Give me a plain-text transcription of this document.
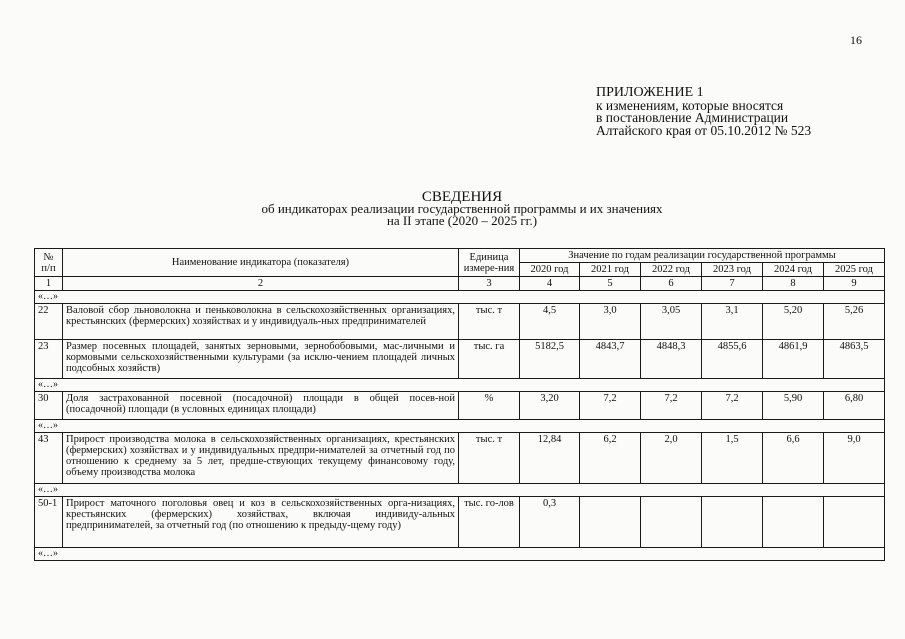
16
ПРИЛОЖЕНИЕ 1
к изменениям, которые вносятся
в постановление Администрации
Алтайского края от 05.10.2012 № 523
СВЕДЕНИЯ
об индикаторах реализации государственной программы и их значениях
на II этапе (2020 – 2025 гг.)
№ п/п	Наименование индикатора (показателя)	Единица измере-ния	Значение по годам реализации государственной программы					
			2020 год	2021 год	2022 год	2023 год	2024 год	2025 год
1	2	3	4	5	6	7	8	9
«…»								
22	Валовой сбор льноволокна и пеньковолокна в сельскохозяйственных организациях, крестьянских (фермерских) хозяйствах и у индивидуаль-ных предпринимателей	тыс. т	4,5	3,0	3,05	3,1	5,20	5,26
23	Размер посевных площадей, занятых зерновыми, зернобобовыми, мас-личными и кормовыми сельскохозяйственными культурами (за исклю-чением площадей личных подсобных хозяйств)	тыс. га	5182,5	4843,7	4848,3	4855,6	4861,9	4863,5
«…»								
30	Доля застрахованной посевной (посадочной) площади в общей посев-ной (посадочной) площади (в условных единицах площади)	%	3,20	7,2	7,2	7,2	5,90	6,80
«…»								
43	Прирост производства молока в сельскохозяйственных организациях, крестьянских (фермерских) хозяйствах и у индивидуальных предпри-нимателей за отчетный год по отношению к среднему за 5 лет, предше-ствующих текущему финансовому году, объему производства молока	тыс. т	12,84	6,2	2,0	1,5	6,6	9,0
«…»								
50-1	Прирост маточного поголовья овец и коз в сельскохозяйственных орга-низациях, крестьянских (фермерских) хозяйствах, включая индивиду-альных предпринимателей, за отчетный год (по отношению к предыду-щему году)	тыс. го-лов	0,3					
«…»								
